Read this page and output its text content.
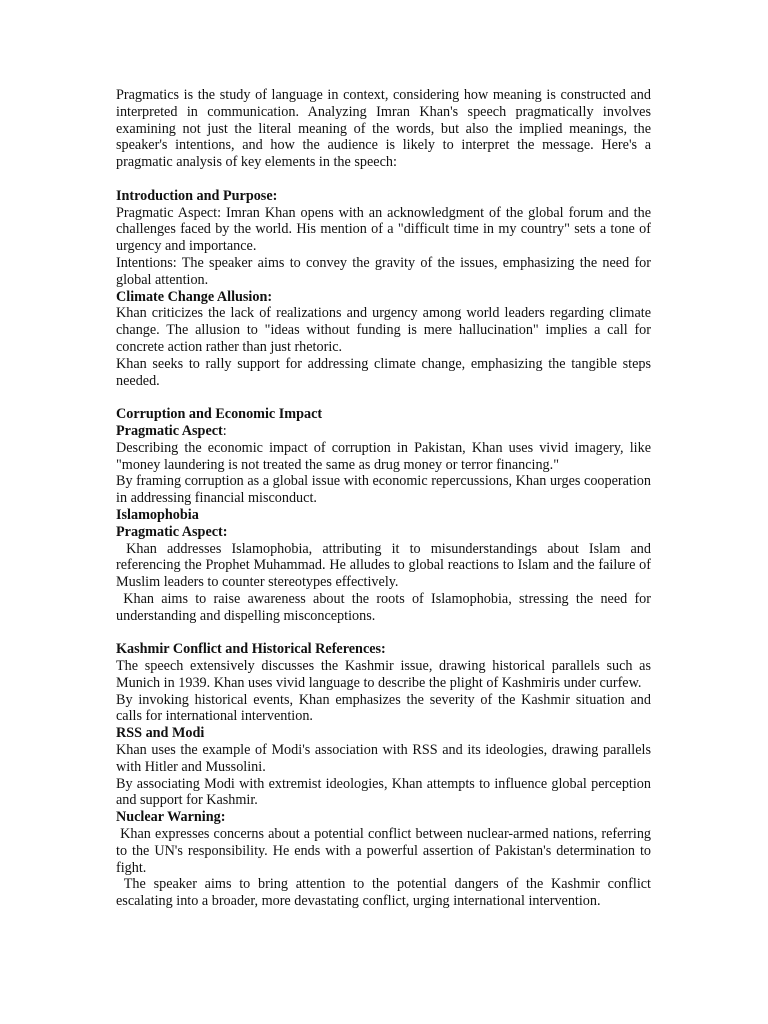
Pragmatics is the study of language in context, considering how meaning is constructed and interpreted in communication. Analyzing Imran Khan's speech pragmatically involves examining not just the literal meaning of the words, but also the implied meanings, the speaker's intentions, and how the audience is likely to interpret the message. Here's a pragmatic analysis of key elements in the speech:

Introduction and Purpose:

Pragmatic Aspect: Imran Khan opens with an acknowledgment of the global forum and the challenges faced by the world. His mention of a "difficult time in my country" sets a tone of urgency and importance.

Intentions: The speaker aims to convey the gravity of the issues, emphasizing the need for global attention.

Climate Change Allusion:

Khan criticizes the lack of realizations and urgency among world leaders regarding climate change. The allusion to "ideas without funding is mere hallucination" implies a call for concrete action rather than just rhetoric.

Khan seeks to rally support for addressing climate change, emphasizing the tangible steps needed.

Corruption and Economic Impact

Pragmatic Aspect:

Describing the economic impact of corruption in Pakistan, Khan uses vivid imagery, like "money laundering is not treated the same as drug money or terror financing."

By framing corruption as a global issue with economic repercussions, Khan urges cooperation in addressing financial misconduct.

Islamophobia

Pragmatic Aspect:

Khan addresses Islamophobia, attributing it to misunderstandings about Islam and referencing the Prophet Muhammad. He alludes to global reactions to Islam and the failure of Muslim leaders to counter stereotypes effectively.

Khan aims to raise awareness about the roots of Islamophobia, stressing the need for understanding and dispelling misconceptions.

Kashmir Conflict and Historical References:

The speech extensively discusses the Kashmir issue, drawing historical parallels such as Munich in 1939. Khan uses vivid language to describe the plight of Kashmiris under curfew.

By invoking historical events, Khan emphasizes the severity of the Kashmir situation and calls for international intervention.

RSS and Modi

Khan uses the example of Modi's association with RSS and its ideologies, drawing parallels with Hitler and Mussolini.

By associating Modi with extremist ideologies, Khan attempts to influence global perception and support for Kashmir.

Nuclear Warning:

Khan expresses concerns about a potential conflict between nuclear-armed nations, referring to the UN's responsibility. He ends with a powerful assertion of Pakistan's determination to fight.

The speaker aims to bring attention to the potential dangers of the Kashmir conflict escalating into a broader, more devastating conflict, urging international intervention.
